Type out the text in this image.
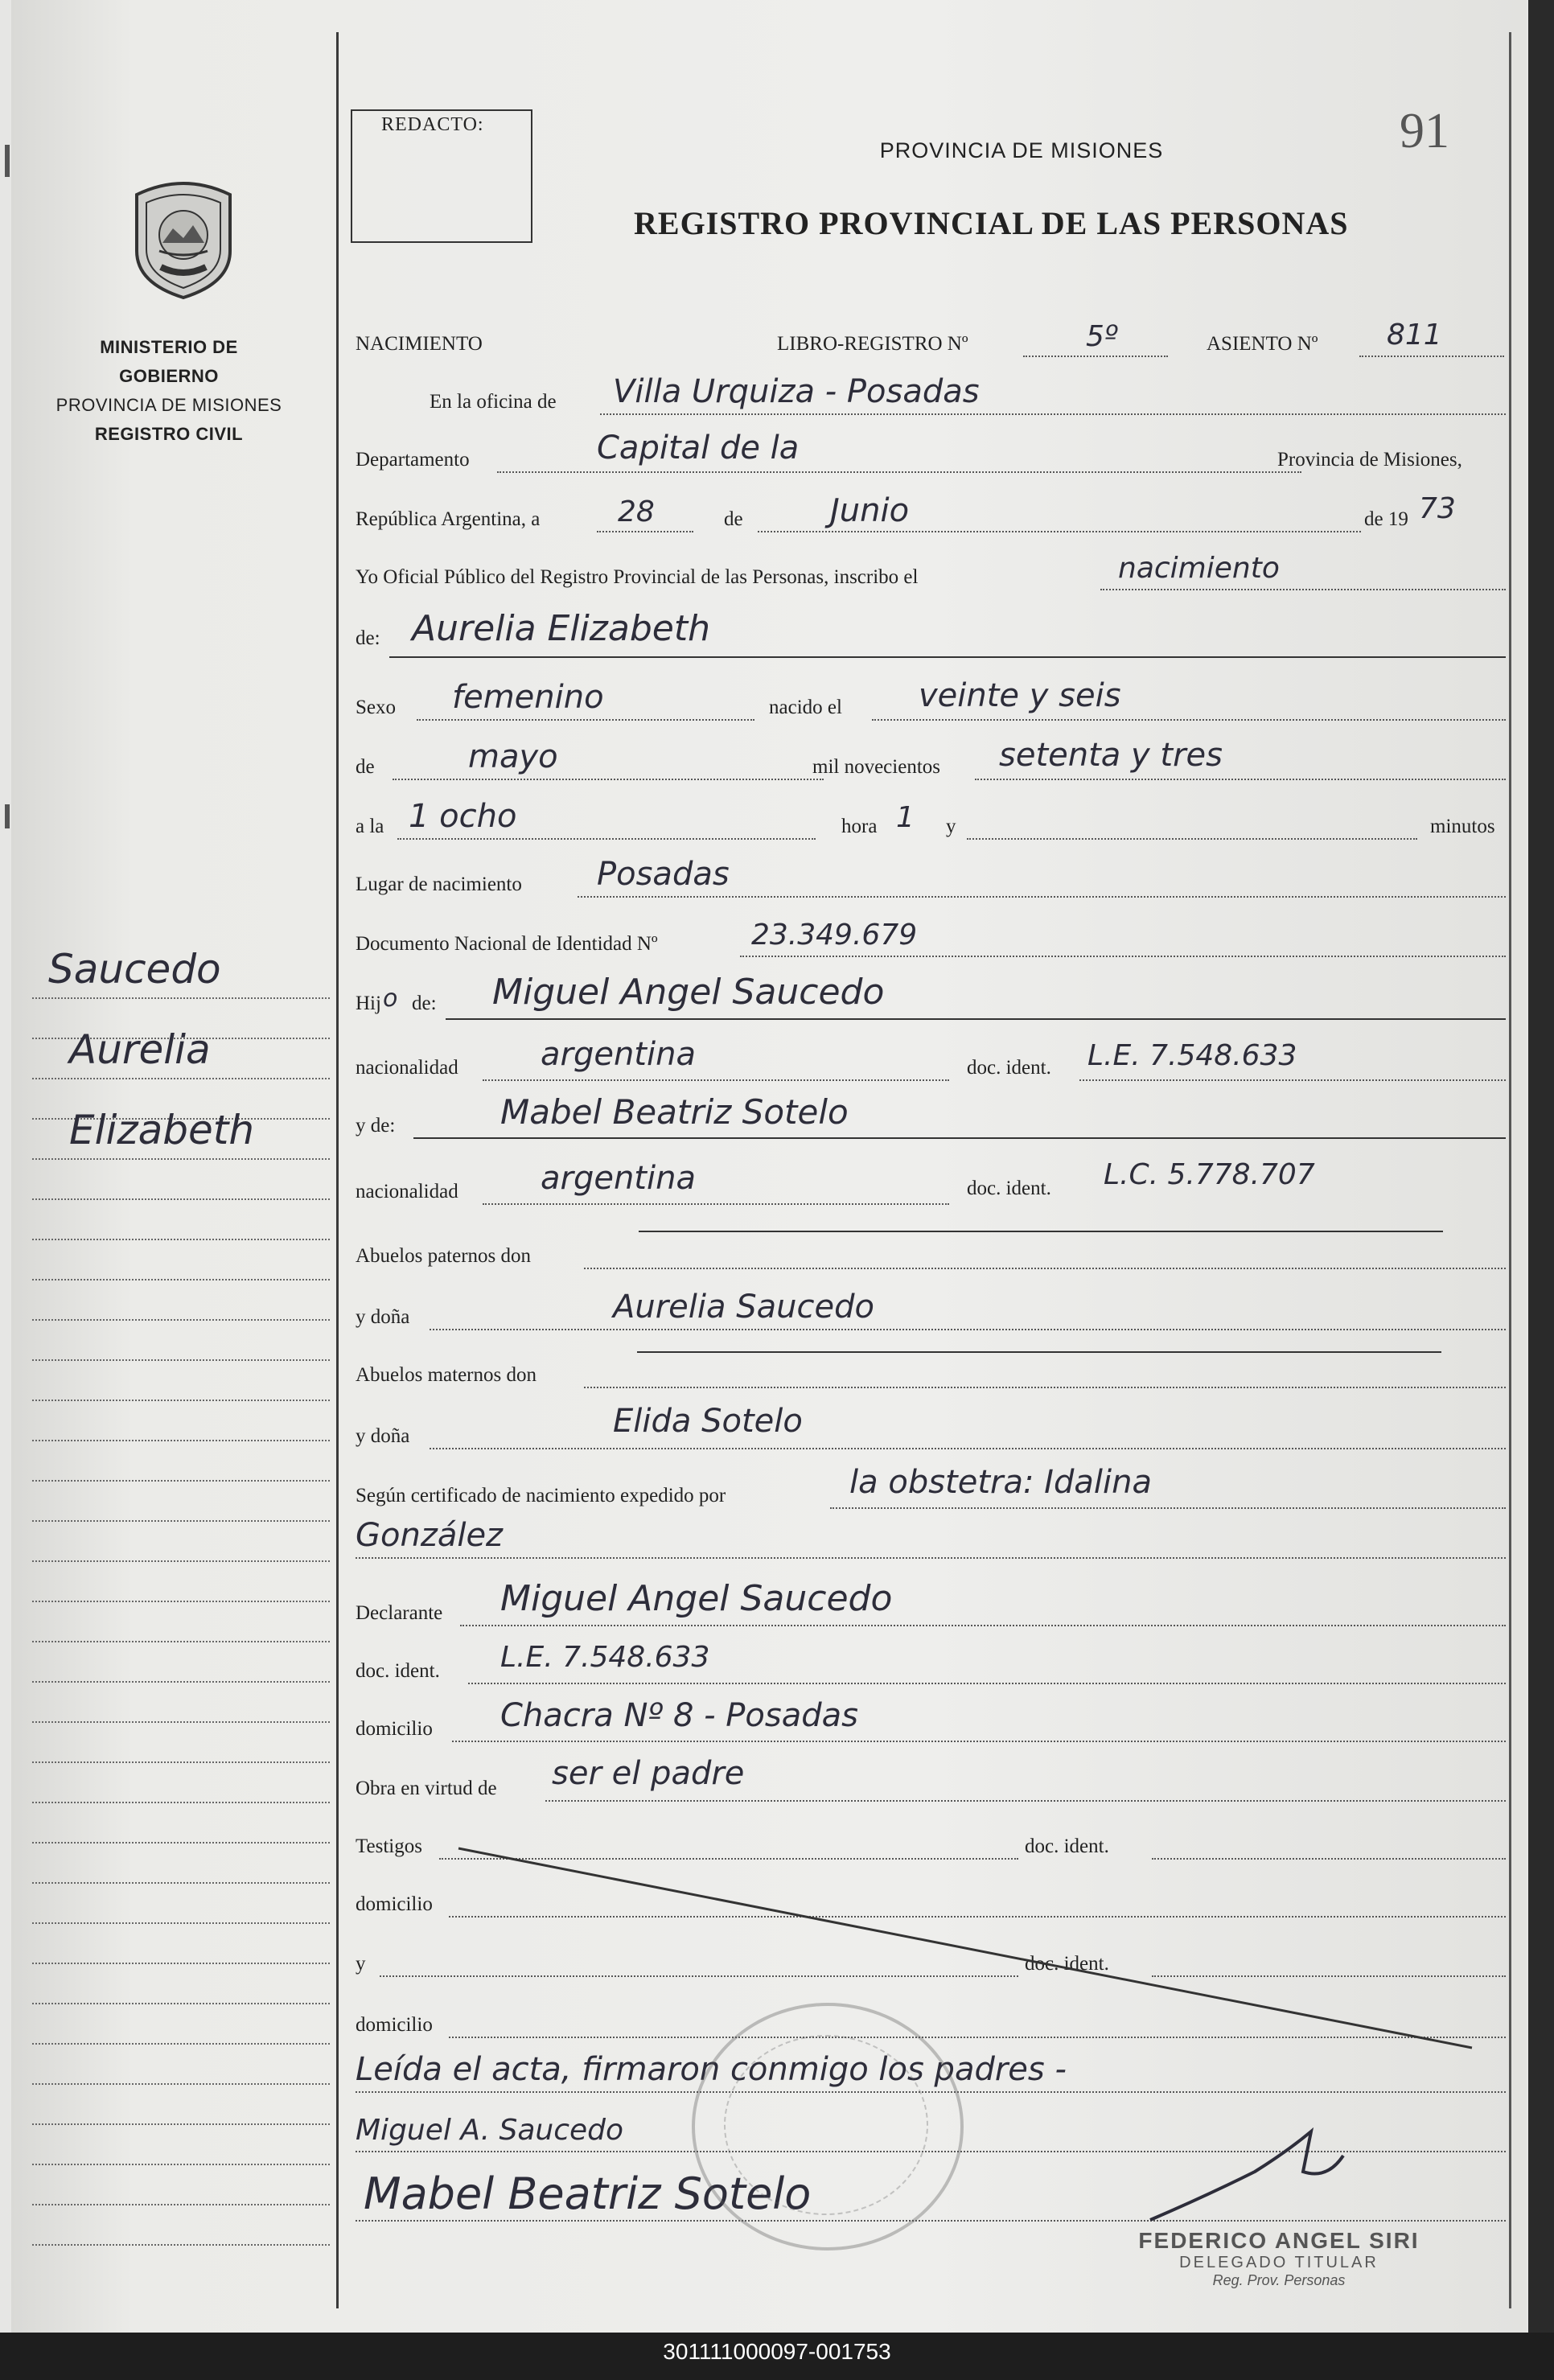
REDACTO:	91
PROVINCIA DE MISIONES
REGISTRO PROVINCIAL DE LAS PERSONAS
MINISTERIO DE GOBIERNO
PROVINCIA DE MISIONES
REGISTRO CIVIL
NACIMIENTO	LIBRO-REGISTRO Nº	5º	ASIENTO Nº 811
En la oficina de Villa Urquiza - Posadas
Departamento	Capital de la	Provincia de Misiones,
República Argentina, a	28	de	Junio	de 19 73
Yo Oficial Público del Registro Provincial de las Personas, inscribo el	nacimiento
de: Aurelia Elizabeth
Sexo femenino	nacido el veinte y seis
de	mayo	mil novecientos setenta y tres
a la 1 ocho	hora 1 y	minutos
Lugar de nacimiento Posadas
Documento Nacional de Identidad Nº	23.349.679
Hij o de: Miguel Angel Saucedo
nacionalidad	argentina	doc. ident. L.E. 7.548.633
y de:	Mabel Beatriz Sotelo
nacionalidad	argentina	doc. ident. L.C. 5.778.707
Abuelos paternos don
y doña	Aurelia Saucedo
Abuelos maternos don
y doña	Elida Sotelo
Según certificado de nacimiento expedido por	la obstetra: Idalina
González
Declarante Miguel Angel Saucedo
doc. ident. L.E. 7.548.633
domicilio Chacra Nº 8 - Posadas
Obra en virtud de ser el padre
Testigos	doc. ident.
domicilio
y	doc. ident.
domicilio
Leída el acta, firmaron conmigo los padres -
Miguel A. Saucedo
Mabel Beatriz Sotelo
FEDERICO ANGEL SIRI
DELEGADO TITULAR
Reg. Prov. Personas
Saucedo
Aurelia
Elizabeth
301111000097-001753
